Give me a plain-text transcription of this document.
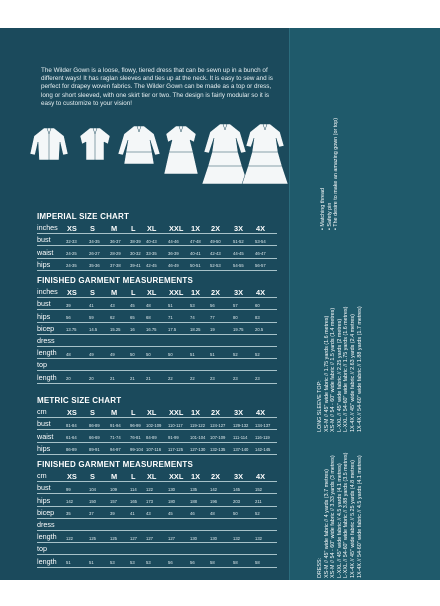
The Wilder Gown is a loose, flowy, tiered dress that can be sewn up in a bunch of different ways! It has raglan sleeves and ties up at the neck. It is easy to sew and is perfect for drapey woven fabrics. The Wilder Gown can be made as a top or dress, long or short sleeved, with one skirt tier or two. The design is fairly modular so it is easy to customize to your vision!

IMPERIAL SIZE CHART
inches XS S M L XL XXL 1X 2X 3X 4X
bust	32-33	34-35 36-37 38-39 40-43	44-46	47-48 49-50	51-52	53-54
waist	24-25	26-27 28-29 30-32 33-35	36-39	40-41 42-43	44-45	46-47
hips	24-35	35-36 37-38 39-41 42-45	46-49	50-51 52-53	54-55	56-57
FINISHED GARMENT MEASUREMENTS
inches XS S M L XL XXL 1X 2X 3X 4X
bust	39	41	43	45	48	51	53	56	57	60
hips	56	59	62	65	68	71	74	77	80	83
bicep	13.75	14.5	15.25 16	16.75	17.5	18.25 19	19.75	20.5
dress
length 48	49	49	50	50	50	51	51	52	52
top
length 20	20	21	21	21	22	22	23	23	23
METRIC SIZE CHART
cm	XS S M L XL XXL 1X 2X 3X 4X
bust	81-84	86-89 91-94 96-99 102-109 110-117 119-122 124-127 129-132 134-137
waist	61-64	66-69 71-74 76-81 84-89	91-99	101-104 107-109 111-114 116-119
hips	86-89	89-91 94-97 99-104 107-116 117-125 127-130 132-135 137-140 142-145
FINISHED GARMENT MEASUREMENTS
cm	XS S M L XL XXL 1X 2X 3X 4X
bust	99	104	109	114 122	130	135	142	145	152
hips	142	150	157	165 173	180	188	196	203	211
bicep	35	37	39	41	43	45	46	48	50	52
dress
length 122	125	125	127 127	127	130	130	132	132
top
length 51	51	53	53	53	56	56	58	58	58
• Matching thread • Safety pin • The desire to make an amazing gown (or top)
LONG SLEEVE TOP: XS-M // 45" wide fabric // 1.75 yards (1.6 metres) XS-M // 54 - 60" wide fabric // 1.5 yards (1.4 metres) L-XXL // 45" wide fabric // 2.25 yards (2 metres) L-XXL // 54-60" wide fabric // 1.75 yards (1.6 metres) 1X-4X // 45" wide fabric // 2.63 yards (2.4 metres) 1X-4X // 54-60" wide fabric // 1.88 yards (1.7 metres)
DRESS: XS-M // 45" wide fabric // 4 yards (3.7 metres) XS-M // 54 - 60" wide fabric // 3.33 yards (3 metres) L-XXL // 45" wide fabric // 4.5 yards (4.1 metres) L-XXL // 54-60" wide fabric // 3.88 yards (3.5 metres) 1X-4X // 45" wide fabric // 5.25 yards (4.8 metres) 1X-4X // 54-60" wide fabric // 4.5 yards (4.1 metres)
